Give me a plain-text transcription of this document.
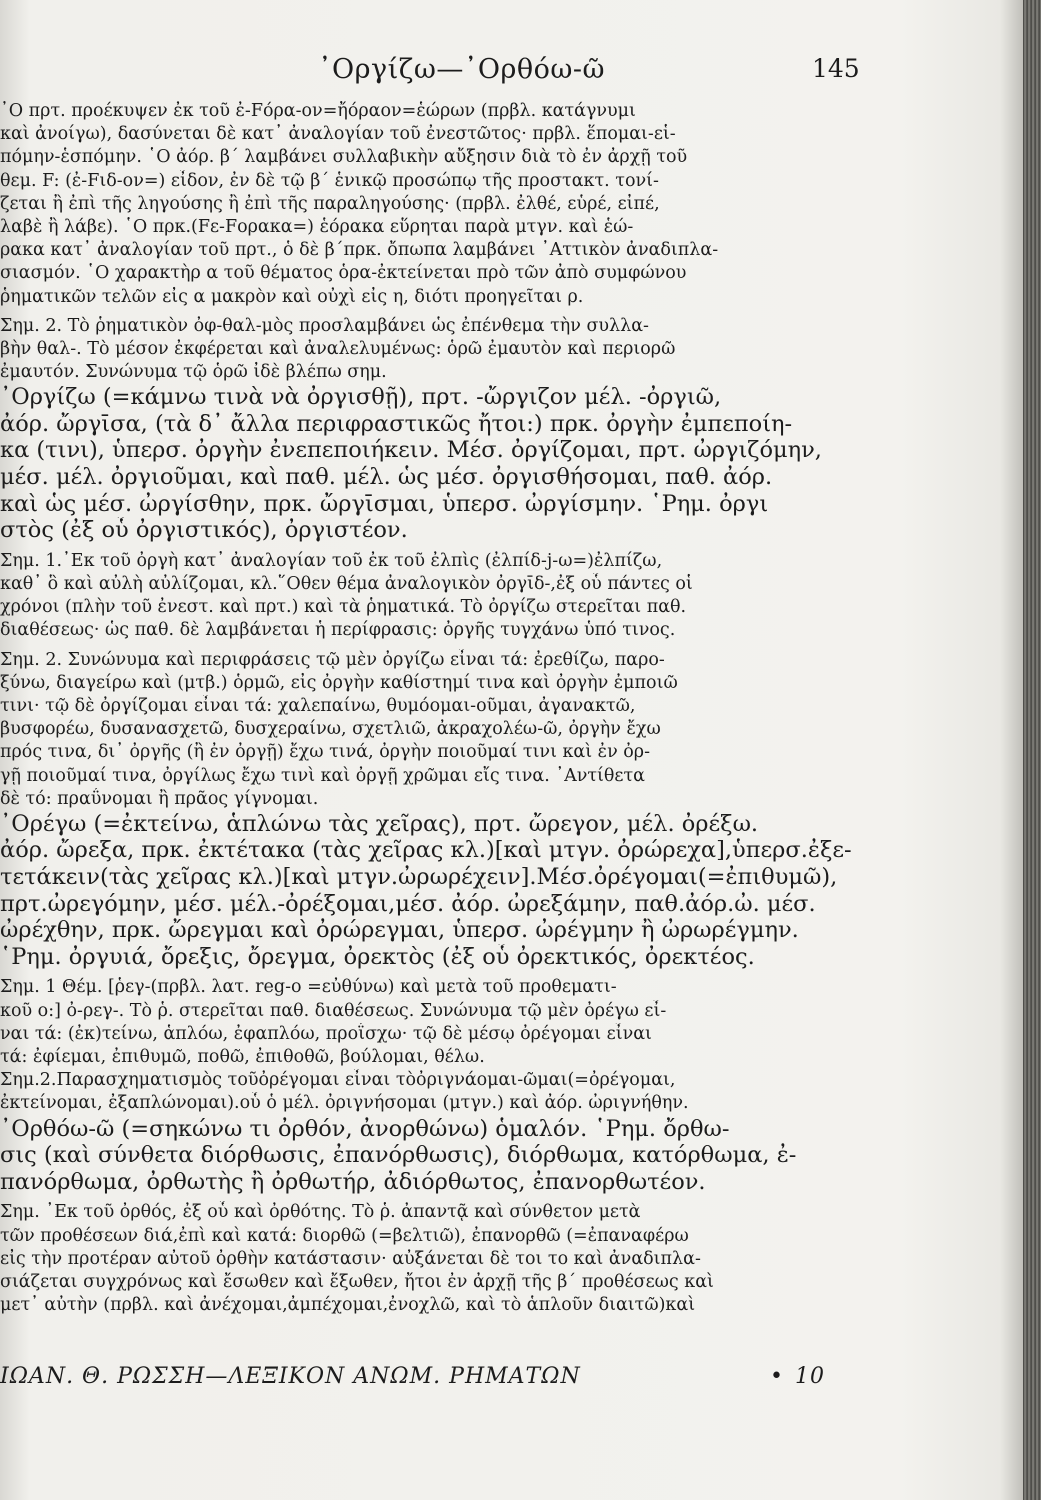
᾽Οργίζω—᾽Ορθόω-ῶ	145
᾽Ο πρτ. προέκυψεν ἐκ τοῦ ἐ-Fόρα-ον=ἤόραον=ἑώρων (πρβλ. κατάγνυμι
καὶ ἀνοίγω), δασύνεται δὲ κατ᾽ ἀναλογίαν τοῦ ἐνεστῶτος· πρβλ. ἕπομαι-εἱ-
πόμην-ἑσπόμην. ῾Ο ἀόρ. β΄ λαμβάνει συλλαβικὴν αὔξησιν διὰ τὸ ἐν ἀρχῇ τοῦ
θεμ. F: (ἐ-Fιδ-ον=) εἶδον, ἐν δὲ τῷ β΄ ἑνικῷ προσώπῳ τῆς προστακτ. τονί-
ζεται ἢ ἐπὶ τῆς ληγούσης ἢ ἐπὶ τῆς παραληγούσης· (πρβλ. ἐλθέ, εὑρέ, εἰπέ,
λαβὲ ἢ λάβε). ῾Ο πρκ.(Fε-Fορακα=) ἑόρακα εὕρηται παρὰ μτγν. καὶ ἑώ-
ρακα κατ᾽ ἀναλογίαν τοῦ πρτ., ὁ δὲ β΄πρκ. ὄπωπα λαμβάνει ᾽Αττικὸν ἀναδιπλα-
σιασμόν. ῾Ο χαρακτὴρ α τοῦ θέματος ὁρα-ἐκτείνεται πρὸ τῶν ἀπὸ συμφώνου
ῥηματικῶν τελῶν εἰς α μακρὸν καὶ οὐχὶ εἰς η, διότι προηγεῖται ρ.
Σημ. 2. Τὸ ῥηματικὸν ὀφ-θαλ-μὸς προσλαμβάνει ὡς ἐπένθεμα τὴν συλλα-
βὴν θαλ-. Τὸ μέσον ἐκφέρεται καὶ ἀναλελυμένως: ὁρῶ ἐμαυτὸν καὶ περιορῶ
ἐμαυτόν. Συνώνυμα τῷ ὁρῶ ἰδὲ βλέπω σημ.
᾽Οργίζω (=κάμνω τινὰ νὰ ὀργισθῇ), πρτ. -ὤργιζον μέλ. -ὀργιῶ,
ἀόρ. ὤργῑσα, (τὰ δ᾽ ἄλλα περιφραστικῶς ἤτοι:) πρκ. ὀργὴν ἐμπεποίη-
κα (τινι), ὑπερσ. ὀργὴν ἐνεπεποιήκειν. Μέσ. ὀργίζομαι, πρτ. ὠργιζόμην,
μέσ. μέλ. ὀργιοῦμαι, καὶ παθ. μέλ. ὡς μέσ. ὀργισθήσομαι, παθ. ἀόρ.
καὶ ὡς μέσ. ὠργίσθην, πρκ. ὤργῑσμαι, ὑπερσ. ὠργίσμην. ῾Ρημ. ὀργι
στὸς (ἐξ οὗ ὀργιστικός), ὀργιστέον.
Σημ. 1.᾽Εκ τοῦ ὀργὴ κατ᾽ ἀναλογίαν τοῦ ἐκ τοῦ ἐλπὶς (ἐλπίδ-j-ω=)ἐλπίζω,
καθ᾽ ὃ καὶ αὐλὴ αὐλίζομαι, κλ.῞Οθεν θέμα ἀναλογικὸν ὀργῑδ-,ἐξ οὗ πάντες οἱ
χρόνοι (πλὴν τοῦ ἐνεστ. καὶ πρτ.) καὶ τὰ ῥηματικά. Τὸ ὀργίζω στερεῖται παθ.
διαθέσεως· ὡς παθ. δὲ λαμβάνεται ἡ περίφρασις: ὀργῆς τυγχάνω ὑπό τινος.
Σημ. 2. Συνώνυμα καὶ περιφράσεις τῷ μὲν ὀργίζω εἶναι τά: ἐρεθίζω, παρο-
ξύνω, διαγείρω καὶ (μτβ.) ὁρμῶ, εἰς ὀργὴν καθίστημί τινα καὶ ὀργὴν ἐμποιῶ
τινι· τῷ δὲ ὀργίζομαι εἶναι τά: χαλεπαίνω, θυμόομαι-οῦμαι, ἀγανακτῶ,
βυσφορέω, δυσανασχετῶ, δυσχεραίνω, σχετλιῶ, ἀκραχολέω-ῶ, ὀργὴν ἔχω
πρός τινα, δι᾽ ὀργῆς (ἢ ἐν ὀργῇ) ἔχω τινά, ὀργὴν ποιοῦμαί τινι καὶ ἐν ὀρ-
γῇ ποιοῦμαί τινα, ὀργίλως ἔχω τινὶ καὶ ὀργῇ χρῶμαι εἴς τινα. ᾽Αντίθετα
δὲ τό: πραΰνομαι ἢ πρᾶος γίγνομαι.
᾽Ορέγω (=ἐκτείνω, ἁπλώνω τὰς χεῖρας), πρτ. ὤρεγον, μέλ. ὀρέξω.
ἀόρ. ὤρεξα, πρκ. ἐκτέτακα (τὰς χεῖρας κλ.)[καὶ μτγν. ὀρώρεχα],ὑπερσ.ἐξε-
τετάκειν(τὰς χεῖρας κλ.)[καὶ μτγν.ὠρωρέχειν].Μέσ.ὀρέγομαι(=ἐπιθυμῶ),
πρτ.ὠρεγόμην, μέσ. μέλ.-ὀρέξομαι,μέσ. ἀόρ. ὠρεξάμην, παθ.ἀόρ.ὠ. μέσ.
ὠρέχθην, πρκ. ὤρεγμαι καὶ ὀρώρεγμαι, ὑπερσ. ὠρέγμην ἢ ὠρωρέγμην.
῾Ρημ. ὀργυιά, ὄρεξις, ὄρεγμα, ὀρεκτὸς (ἐξ οὗ ὀρεκτικός, ὀρεκτέος.
Σημ. 1 Θέμ. [ῥεγ-(πρβλ. λατ. reg-o =εὐθύνω) καὶ μετὰ τοῦ προθεματι-
κοῦ ο:] ὀ-ρεγ-. Τὸ ῥ. στερεῖται παθ. διαθέσεως. Συνώνυμα τῷ μὲν ὀρέγω εἶ-
ναι τά: (ἐκ)τείνω, ἁπλόω, ἐφαπλόω, προΐσχω· τῷ δὲ μέσῳ ὀρέγομαι εἶναι
τά: ἐφίεμαι, ἐπιθυμῶ, ποθῶ, ἐπιθοθῶ, βούλομαι, θέλω.
Σημ.2.Παρασχηματισμὸς τοῦὀρέγομαι εἶναι τὸὀριγνάομαι-ῶμαι(=ὀρέγομαι,
ἐκτείνομαι, ἐξαπλώνομαι).οὗ ὁ μέλ. ὀριγνήσομαι (μτγν.) καὶ ἀόρ. ὠριγνήθην.
᾽Ορθόω-ῶ (=σηκώνω τι ὀρθόν, ἀνορθώνω) ὁμαλόν. ῾Ρημ. ὄρθω-
σις (καὶ σύνθετα διόρθωσις, ἐπανόρθωσις), διόρθωμα, κατόρθωμα, ἐ-
πανόρθωμα, ὀρθωτὴς ἢ ὀρθωτήρ, ἀδιόρθωτος, ἐπανορθωτέον.
Σημ. ᾽Εκ τοῦ ὀρθός, ἐξ οὗ καὶ ὀρθότης. Τὸ ῥ. ἀπαντᾷ καὶ σύνθετον μετὰ
τῶν προθέσεων διά,ἐπὶ καὶ κατά: διορθῶ (=βελτιῶ), ἐπανορθῶ (=ἐπαναφέρω
εἰς τὴν προτέραν αὐτοῦ ὀρθὴν κατάστασιν· αὐξάνεται δὲ τοι το καὶ ἀναδιπλα-
σιάζεται συγχρόνως καὶ ἔσωθεν καὶ ἔξωθεν, ἤτοι ἐν ἀρχῇ τῆς β΄ προθέσεως καὶ
μετ᾽ αὐτὴν (πρβλ. καὶ ἀνέχομαι,ἀμπέχομαι,ἐνοχλῶ, καὶ τὸ ἁπλοῦν διαιτῶ)καὶ
ΙΩΑΝ. Θ. ΡΩΣΣΗ—ΛΕΞΙΚΟΝ ΑΝΩΜ. ΡΗΜΑΤΩΝ	• 10
